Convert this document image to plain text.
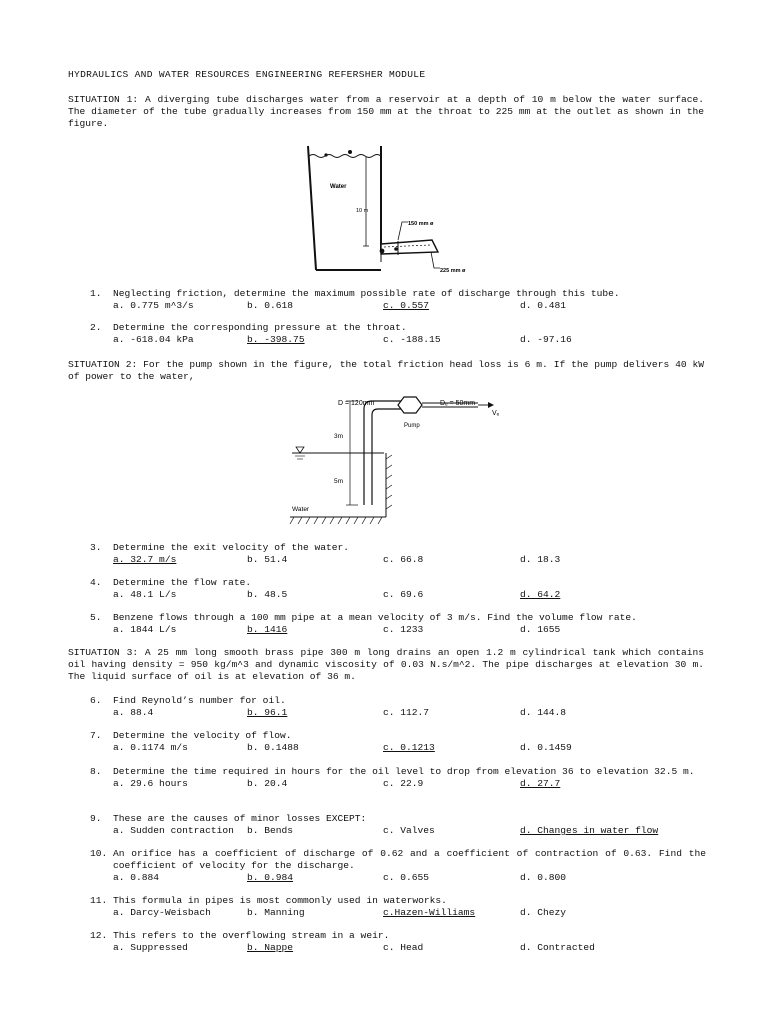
HYDRAULICS AND WATER RESOURCES ENGINEERING REFERSHER MODULE
SITUATION 1: A diverging tube discharges water from a reservoir at a depth of 10 m below the water surface. The diameter of the tube gradually increases from 150 mm at the throat to 225 mm at the outlet as shown in the figure.
Water
10 m
150 mm ø
225 mm ø
1.	Neglecting friction, determine the maximum possible rate of discharge through this tube.
a. 0.775 m^3/s	b. 0.618	c. 0.557	d. 0.481
2.	Determine the corresponding pressure at the throat.
a. -618.04 kPa	b. -398.75	c. -188.15	d. -97.16
SITUATION 2: For the pump shown in the figure, the total friction head loss is 6 m. If the pump delivers 40 kW of power to the water,
3m
5m
D = 120mm	Dₑ = 50mm
Vₑ
Pump
Water
3.	Determine the exit velocity of the water.
a. 32.7 m/s	b. 51.4	c. 66.8	d. 18.3
4.	Determine the flow rate.
a. 48.1 L/s	b. 48.5	c. 69.6	d. 64.2
5.	Benzene flows through a 100 mm pipe at a mean velocity of 3 m/s. Find the volume flow rate.
a. 1844 L/s	b. 1416	c. 1233	d. 1655
SITUATION 3: A 25 mm long smooth brass pipe 300 m long drains an open 1.2 m cylindrical tank which contains oil having density = 950 kg/m^3 and dynamic viscosity of 0.03 N.s/m^2. The pipe discharges at elevation 30 m. The liquid surface of oil is at elevation of 36 m.
6.	Find Reynold’s number for oil.
a. 88.4	b. 96.1	c. 112.7	d. 144.8
7.	Determine the velocity of flow.
a. 0.1174 m/s	b. 0.1488	c. 0.1213	d. 0.1459
8.	Determine the time required in hours for the oil level to drop from elevation 36 to elevation 32.5 m.
a. 29.6 hours	b. 20.4	c. 22.9	d. 27.7
9.	These are the causes of minor losses EXCEPT:
a. Sudden contraction b. Bends	c. Valves	d. Changes in water flow
10. An orifice has a coefficient of discharge of 0.62 and a coefficient of contraction of 0.63. Find the coefficient of velocity for the discharge.
a. 0.884	b. 0.984	c. 0.655	d. 0.800
11. This formula in pipes is most commonly used in waterworks.
a. Darcy-Weisbach	b. Manning	c.Hazen-Williams	d. Chezy
12. This refers to the overflowing stream in a weir.
a. Suppressed	b. Nappe	c. Head	d. Contracted
